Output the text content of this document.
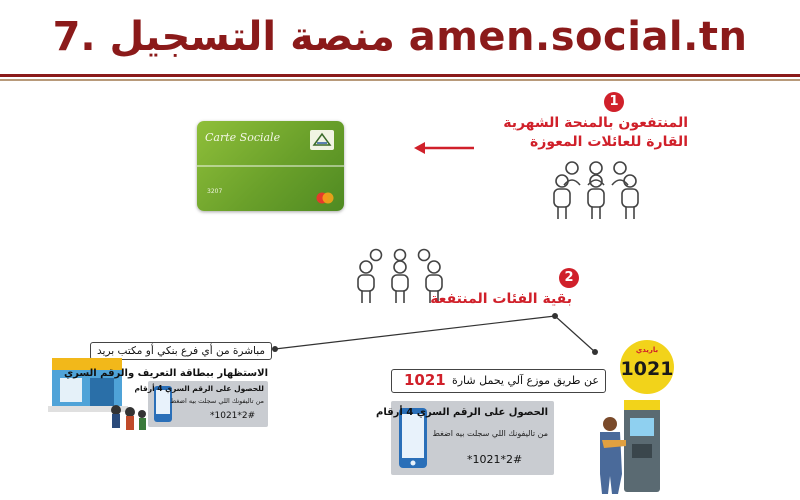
7. منصة التسجيل amen.social.tn
Carte Sociale
3207
1
المنتفعون بالمنحة الشهرية
القارة للعائلات المعوزة
2
بقية الفئات المنتفعة
مباشرة من أي فرع بنكي أو مكتب بريد
الاستظهار ببطاقة التعريف والرقم السري
للحصول على الرقم السري 4 أرقام
من تاليفونك اللي سجلت بيه اضغط
*1021*2#
1021 عن طريق موزع آلي يحمل شارة
باريدي
1021
الحصول على الرقم السري 4 أرقام
من تاليفونك اللي سجلت بيه اضغط
*1021*2#
